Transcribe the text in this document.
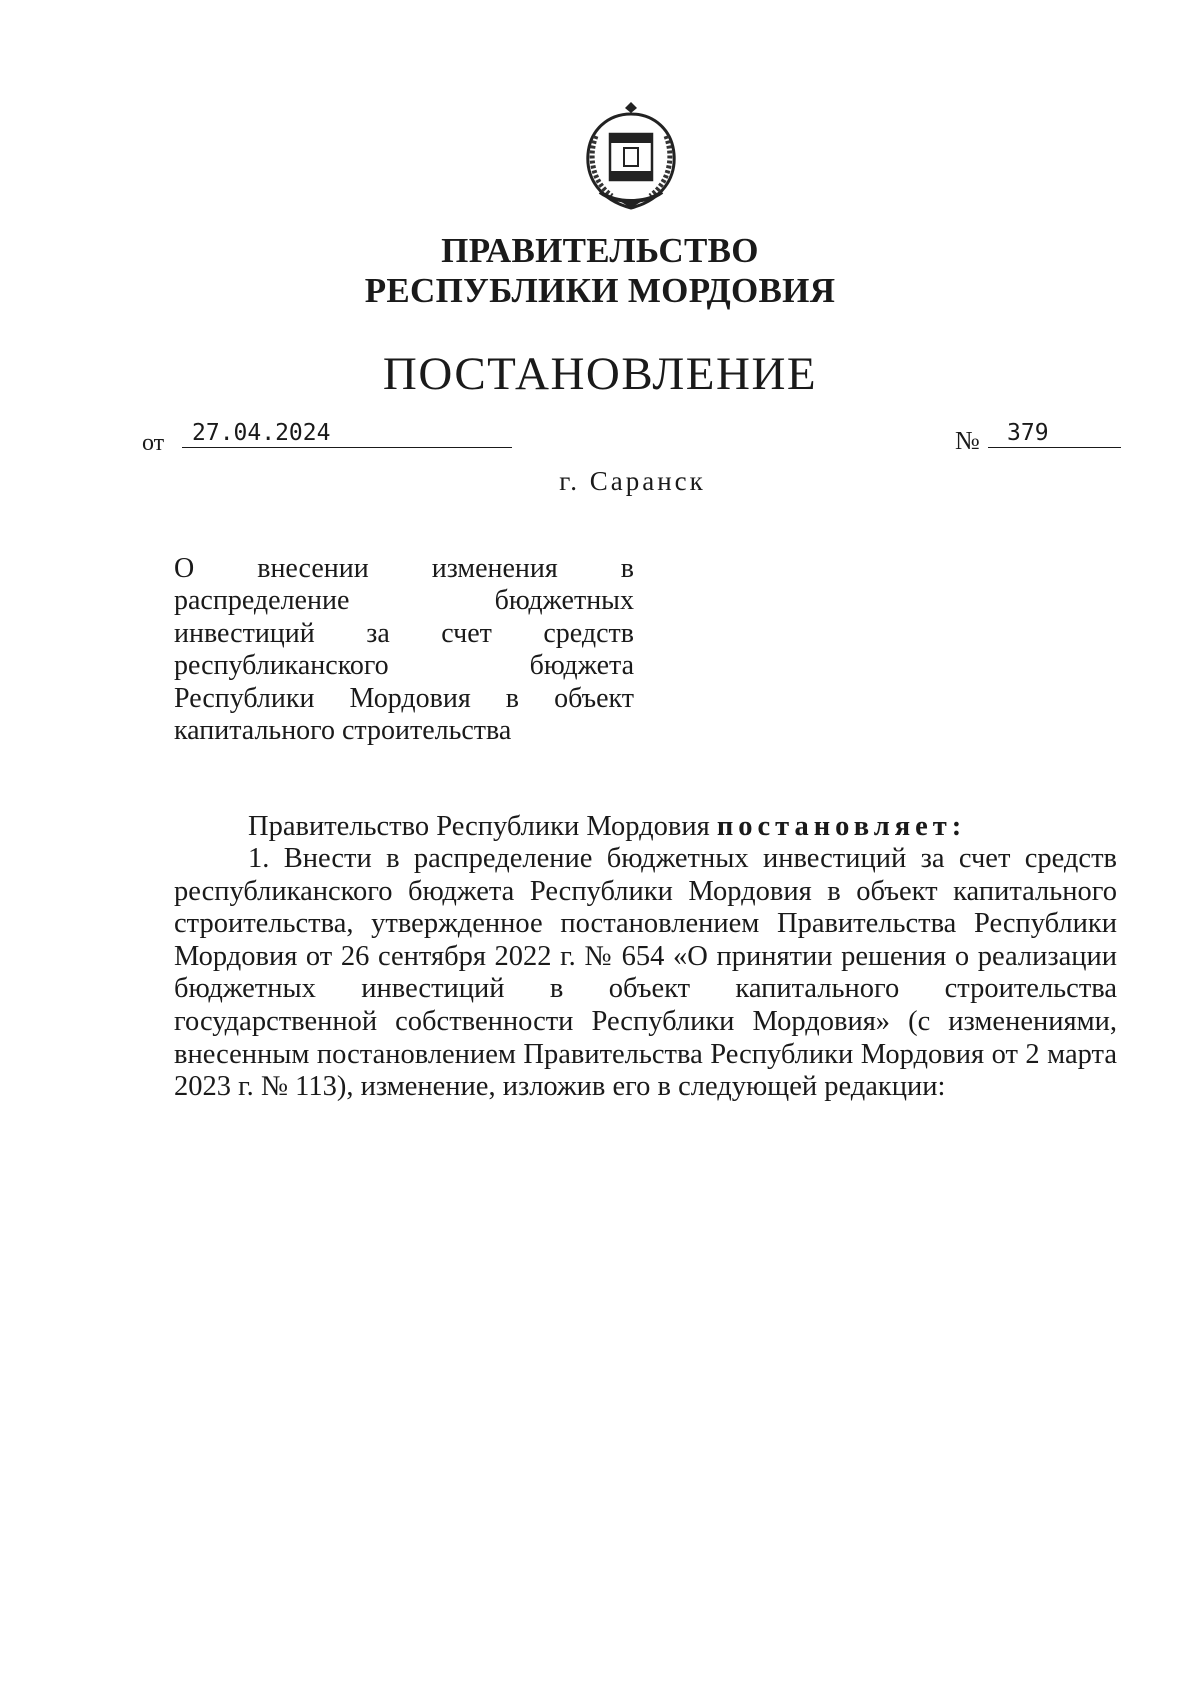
ПРАВИТЕЛЬСТВО
РЕСПУБЛИКИ МОРДОВИЯ
ПОСТАНОВЛЕНИЕ
от	27.04.2024	№	379
г. Саранск
О внесении изменения в
распределение бюджетных
инвестиций за счет средств
республиканского бюджета
Республики Мордовия в объект
капитального строительства
Правительство Республики Мордовия постановляет:
1. Внести в распределение бюджетных инвестиций за счет средств
республиканского бюджета Республики Мордовия в объект капитального
строительства, утвержденное постановлением Правительства Республики
Мордовия от 26 сентября 2022 г. № 654 «О принятии решения о реализации
бюджетных инвестиций в объект капитального строительства
государственной собственности Республики Мордовия» (с изменениями,
внесенным постановлением Правительства Республики Мордовия от 2 марта
2023 г. № 113), изменение, изложив его в следующей редакции:
